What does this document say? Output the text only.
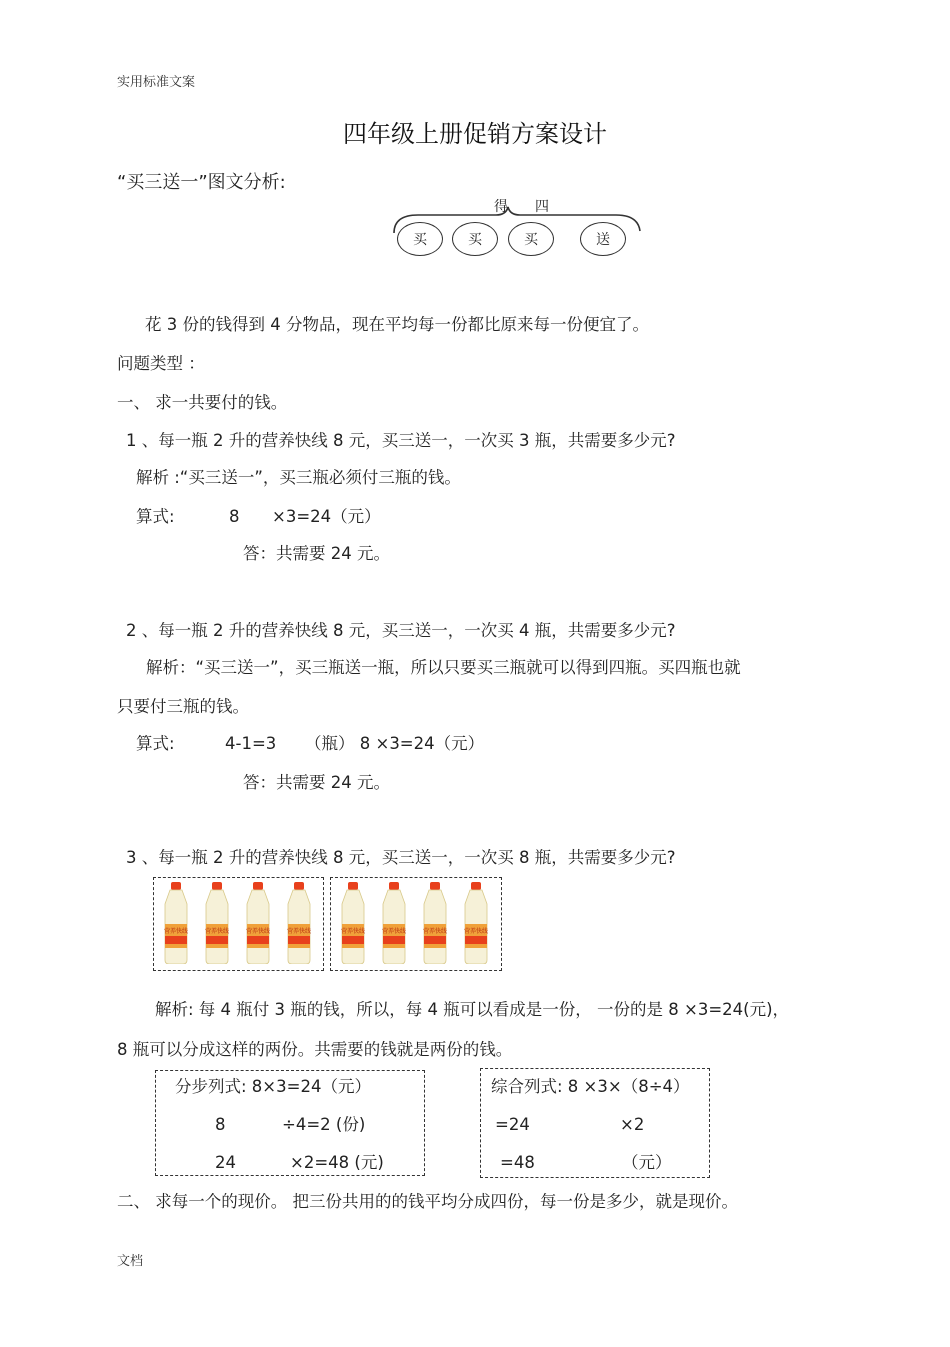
实用标准文案
四年级上册促销方案设计
“买三送一”图文分析:
得 四
买	买	买	送
花 3 份的钱得到 4 分物品，现在平均每一份都比原来每一份便宜了。
问题类型 ：
一、 求一共要付的钱。
1 、每一瓶 2 升的营养快线 8 元，买三送一，一次买 3 瓶，共需要多少元?
解析 :“买三送一”，买三瓶必须付三瓶的钱。
算式:	8 ×3=24（元）
答：共需要 24 元。
2 、每一瓶 2 升的营养快线 8 元，买三送一，一次买 4 瓶，共需要多少元?
解析：“买三送一”，买三瓶送一瓶，所以只要买三瓶就可以得到四瓶。买四瓶也就
只要付三瓶的钱。
算式:	4-1=3 （瓶） 8 ×3=24（元）
答：共需要 24 元。
3 、每一瓶 2 升的营养快线 8 元，买三送一，一次买 8 瓶，共需要多少元?
营养快线	营养快线	营养快线	营养快线	营养快线	营养快线	营养快线	营养快线
解析: 每 4 瓶付 3 瓶的钱，所以，每 4 瓶可以看成是一份， 一份的是 8 ×3=24(元)，
8 瓶可以分成这样的两份。共需要的钱就是两份的钱。
分步列式: 8×3=24（元）
8	÷4=2 (份)
24	×2=48 (元)
综合列式: 8 ×3×（8÷4）
=24	×2
=48	（元）
二、 求每一个的现价。 把三份共用的的钱平均分成四份，每一份是多少，就是现价。
文档
